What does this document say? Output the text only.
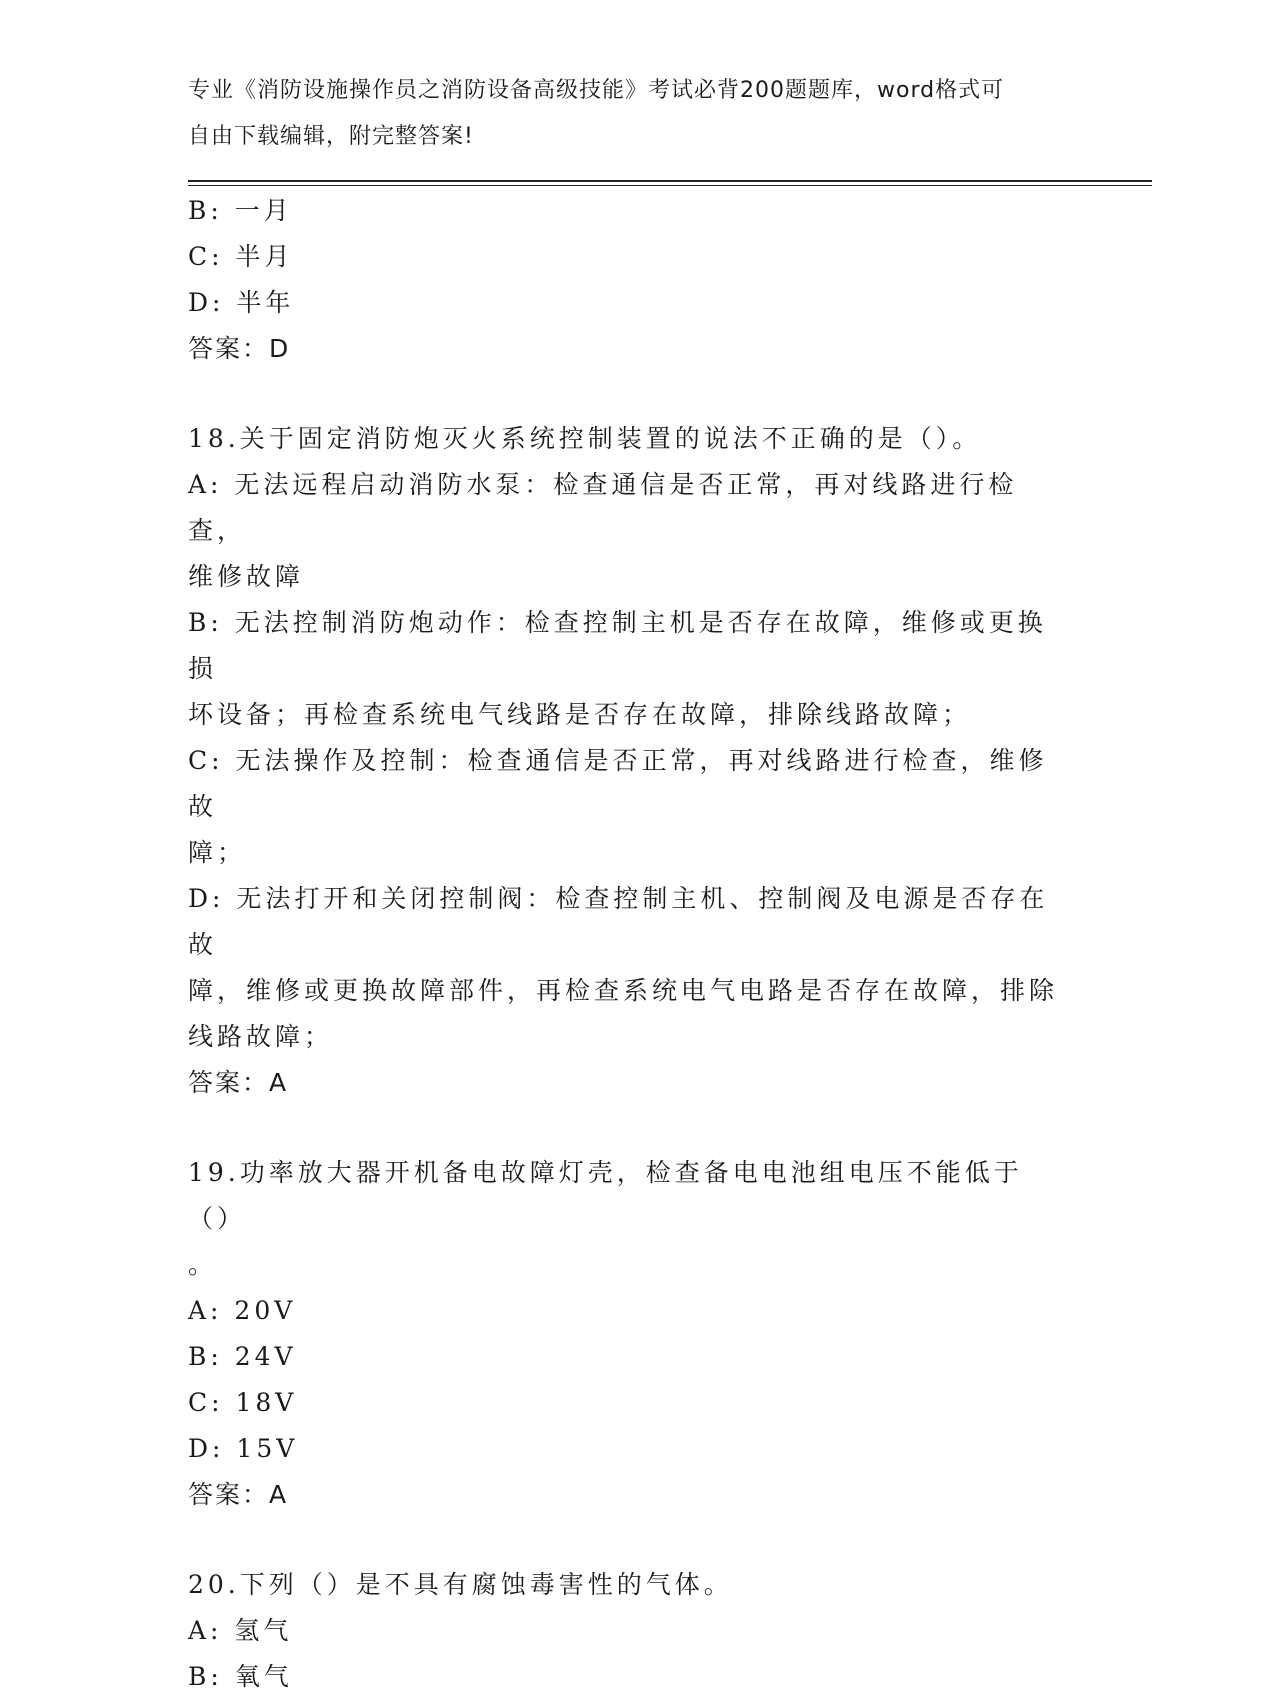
专业《消防设施操作员之消防设备高级技能》考试必背200题题库，word格式可
自由下载编辑，附完整答案!
B: 一月
C: 半月
D: 半年
答案：D
18.关于固定消防炮灭火系统控制装置的说法不正确的是（）。
A: 无法远程启动消防水泵：检查通信是否正常，再对线路进行检查，
维修故障
B: 无法控制消防炮动作：检查控制主机是否存在故障，维修或更换损
坏设备；再检查系统电气线路是否存在故障，排除线路故障；
C: 无法操作及控制：检查通信是否正常，再对线路进行检查，维修故
障；
D: 无法打开和关闭控制阀：检查控制主机、控制阀及电源是否存在故
障，维修或更换故障部件，再检查系统电气电路是否存在故障，排除
线路故障；
答案：A
19.功率放大器开机备电故障灯壳，检查备电电池组电压不能低于（）
。
A: 20V
B: 24V
C: 18V
D: 15V
答案：A
20.下列（）是不具有腐蚀毒害性的气体。
A: 氢气
B: 氧气
